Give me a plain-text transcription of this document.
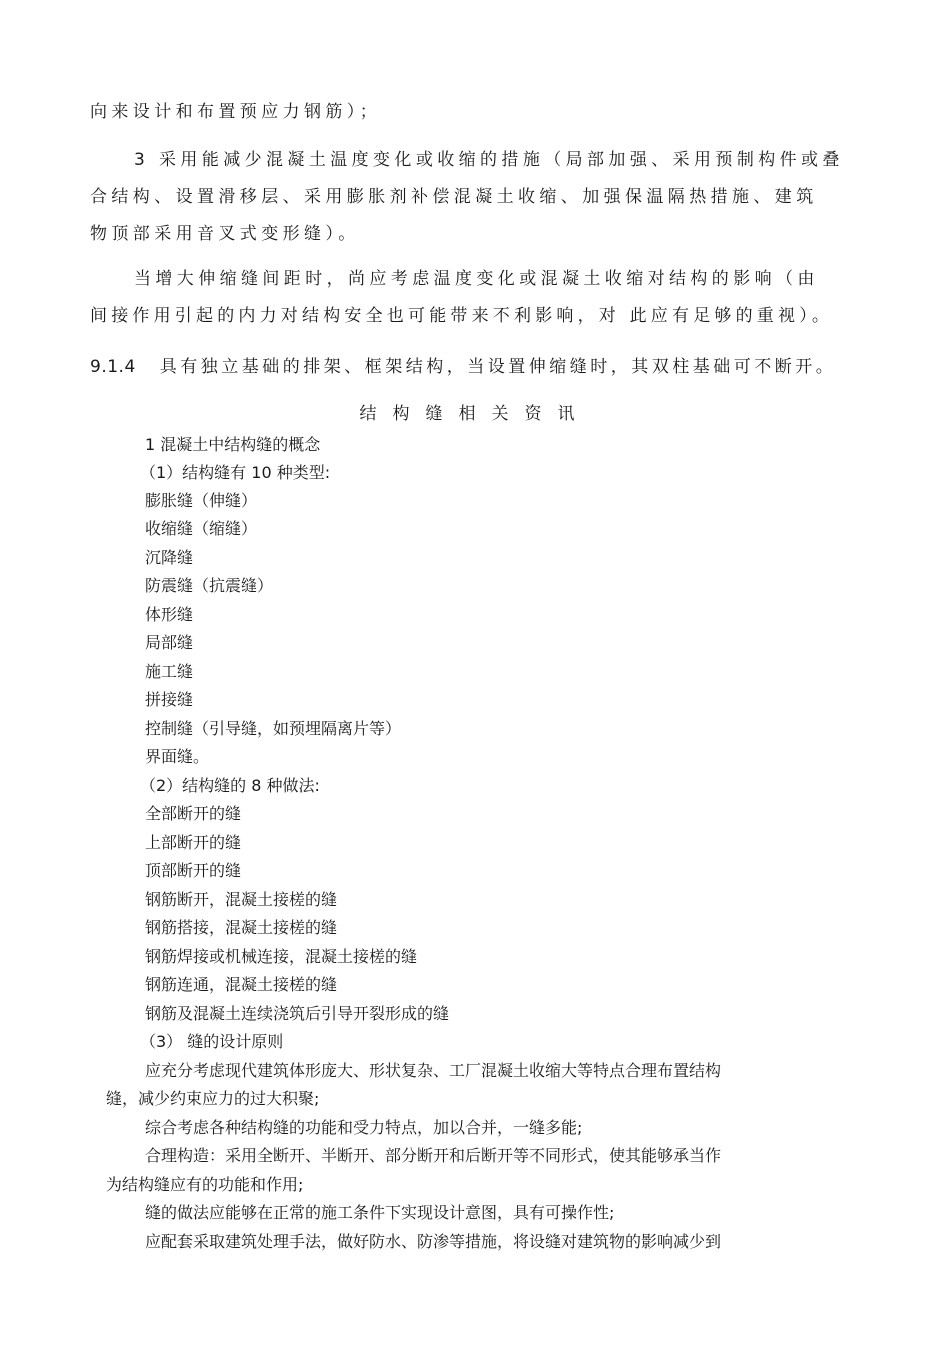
向来设计和布置预应力钢筋）；
3 采用能减少混凝土温度变化或收缩的措施（局部加强、采用预制构件或叠
合结构、设置滑移层、采用膨胀剂补偿混凝土收缩、加强保温隔热措施、建筑
物顶部采用音叉式变形缝）。
当增大伸缩缝间距时，尚应考虑温度变化或混凝土收缩对结构的影响（由
间接作用引起的内力对结构安全也可能带来不利影响，对 此应有足够的重视）。
9.1.4 具有独立基础的排架、框架结构，当设置伸缩缝时，其双柱基础可不断开。
结构缝相关资讯
1 混凝土中结构缝的概念
（1）结构缝有 10 种类型:
膨胀缝（伸缝）
收缩缝（缩缝）
沉降缝
防震缝（抗震缝）
体形缝
局部缝
施工缝
拼接缝
控制缝（引导缝，如预埋隔离片等）
界面缝。
（2）结构缝的 8 种做法:
全部断开的缝
上部断开的缝
顶部断开的缝
钢筋断开，混凝土接槎的缝
钢筋搭接，混凝土接槎的缝
钢筋焊接或机械连接，混凝土接槎的缝
钢筋连通，混凝土接槎的缝
钢筋及混凝土连续浇筑后引导开裂形成的缝
（3） 缝的设计原则
应充分考虑现代建筑体形庞大、形状复杂、工厂混凝土收缩大等特点合理布置结构
缝，减少约束应力的过大积聚;
综合考虑各种结构缝的功能和受力特点，加以合并，一缝多能;
合理构造：采用全断开、半断开、部分断开和后断开等不同形式，使其能够承当作
为结构缝应有的功能和作用;
缝的做法应能够在正常的施工条件下实现设计意图，具有可操作性;
应配套采取建筑处理手法，做好防水、防渗等措施，将设缝对建筑物的影响减少到
